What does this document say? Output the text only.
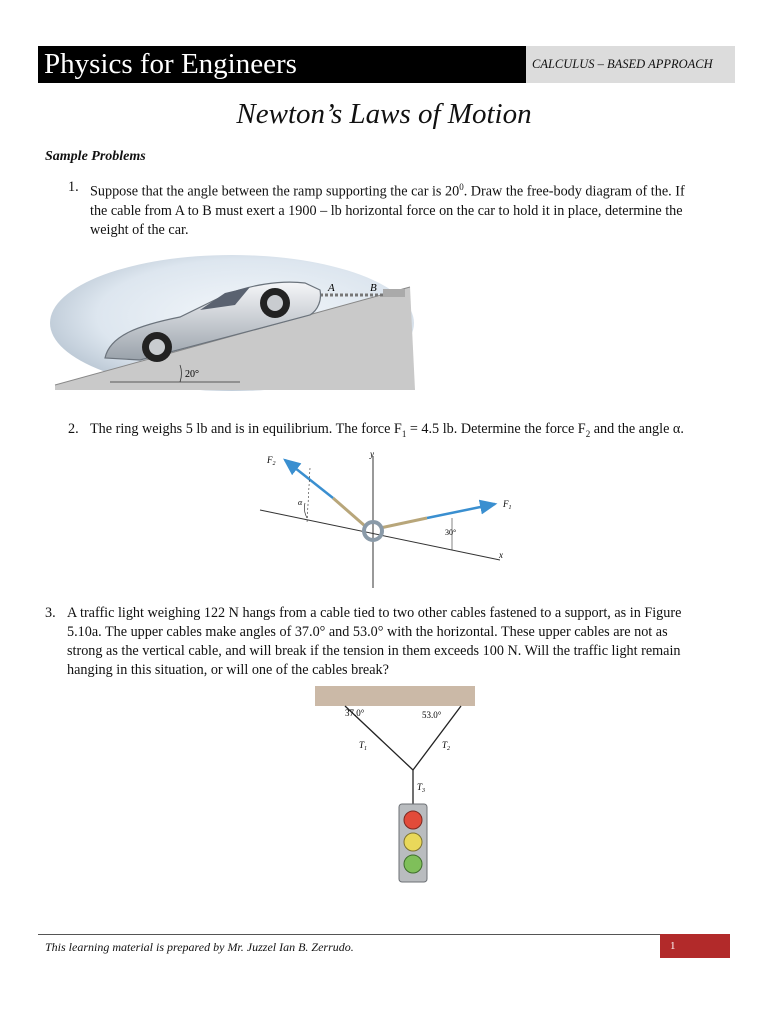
Physics for Engineers	CALCULUS – BASED APPROACH
Newton’s Laws of Motion
Sample Problems
1. Suppose that the angle between the ramp supporting the car is $20^0$. Draw the free-body diagram of the. If
the cable from A to B must exert a 1900 – lb horizontal force on the car to hold it in place, determine the
weight of the car.
A	B
20°
2. The ring weighs 5 lb and is in equilibrium. The force $F_1 = 4.5$ lb. Determine the force $F_2$ and the angle α.
y
x
$F_2$
$F_1$
α
30°
3. A traffic light weighing 122 N hangs from a cable tied to two other cables fastened to a support, as in Figure
5.10a. The upper cables make angles of 37.0° and 53.0° with the horizontal. These upper cables are not as
strong as the vertical cable, and will break if the tension in them exceeds 100 N. Will the traffic light remain
hanging in this situation, or will one of the cables break?
37.0°	53.0°
$T_1$	$T_2$
$T_3$
This learning material is prepared by Mr. Juzzel Ian B. Zerrudo.	1
